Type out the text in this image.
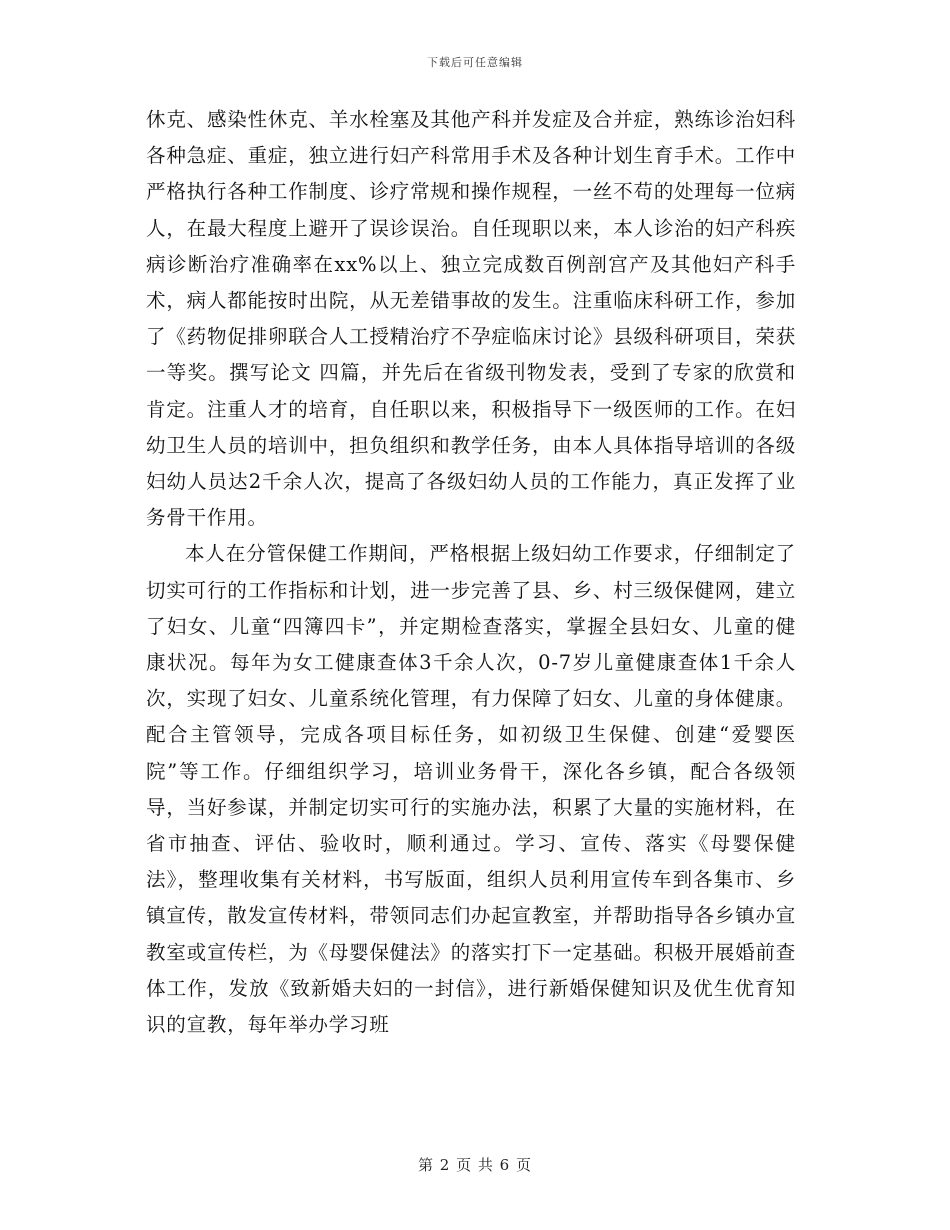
下载后可任意编辑

休克、感染性休克、羊水栓塞及其他产科并发症及合并症，熟练诊治妇科各种急症、重症，独立进行妇产科常用手术及各种计划生育手术。工作中严格执行各种工作制度、诊疗常规和操作规程，一丝不苟的处理每一位病人，在最大程度上避开了误诊误治。自任现职以来，本人诊治的妇产科疾病诊断治疗准确率在xx%以上、独立完成数百例剖宫产及其他妇产科手术，病人都能按时出院，从无差错事故的发生。注重临床科研工作，参加了《药物促排卵联合人工授精治疗不孕症临床讨论》县级科研项目，荣获一等奖。撰写论文 四篇，并先后在省级刊物发表，受到了专家的欣赏和肯定。注重人才的培育，自任职以来，积极指导下一级医师的工作。在妇幼卫生人员的培训中，担负组织和教学任务，由本人具体指导培训的各级妇幼人员达2千余人次，提高了各级妇幼人员的工作能力，真正发挥了业务骨干作用。

本人在分管保健工作期间，严格根据上级妇幼工作要求，仔细制定了切实可行的工作指标和计划，进一步完善了县、乡、村三级保健网，建立了妇女、儿童“四簿四卡”，并定期检查落实，掌握全县妇女、儿童的健康状况。每年为女工健康查体3千余人次，0-7岁儿童健康查体1千余人次，实现了妇女、儿童系统化管理，有力保障了妇女、儿童的身体健康。配合主管领导，完成各项目标任务，如初级卫生保健、创建“爱婴医院”等工作。仔细组织学习，培训业务骨干，深化各乡镇，配合各级领导，当好参谋，并制定切实可行的实施办法，积累了大量的实施材料，在省市抽查、评估、验收时，顺利通过。学习、宣传、落实《母婴保健法》，整理收集有关材料，书写版面，组织人员利用宣传车到各集市、乡镇宣传，散发宣传材料，带领同志们办起宣教室，并帮助指导各乡镇办宣教室或宣传栏，为《母婴保健法》的落实打下一定基础。积极开展婚前查体工作，发放《致新婚夫妇的一封信》，进行新婚保健知识及优生优育知识的宣教，每年举办学习班

第 2 页 共 6 页
